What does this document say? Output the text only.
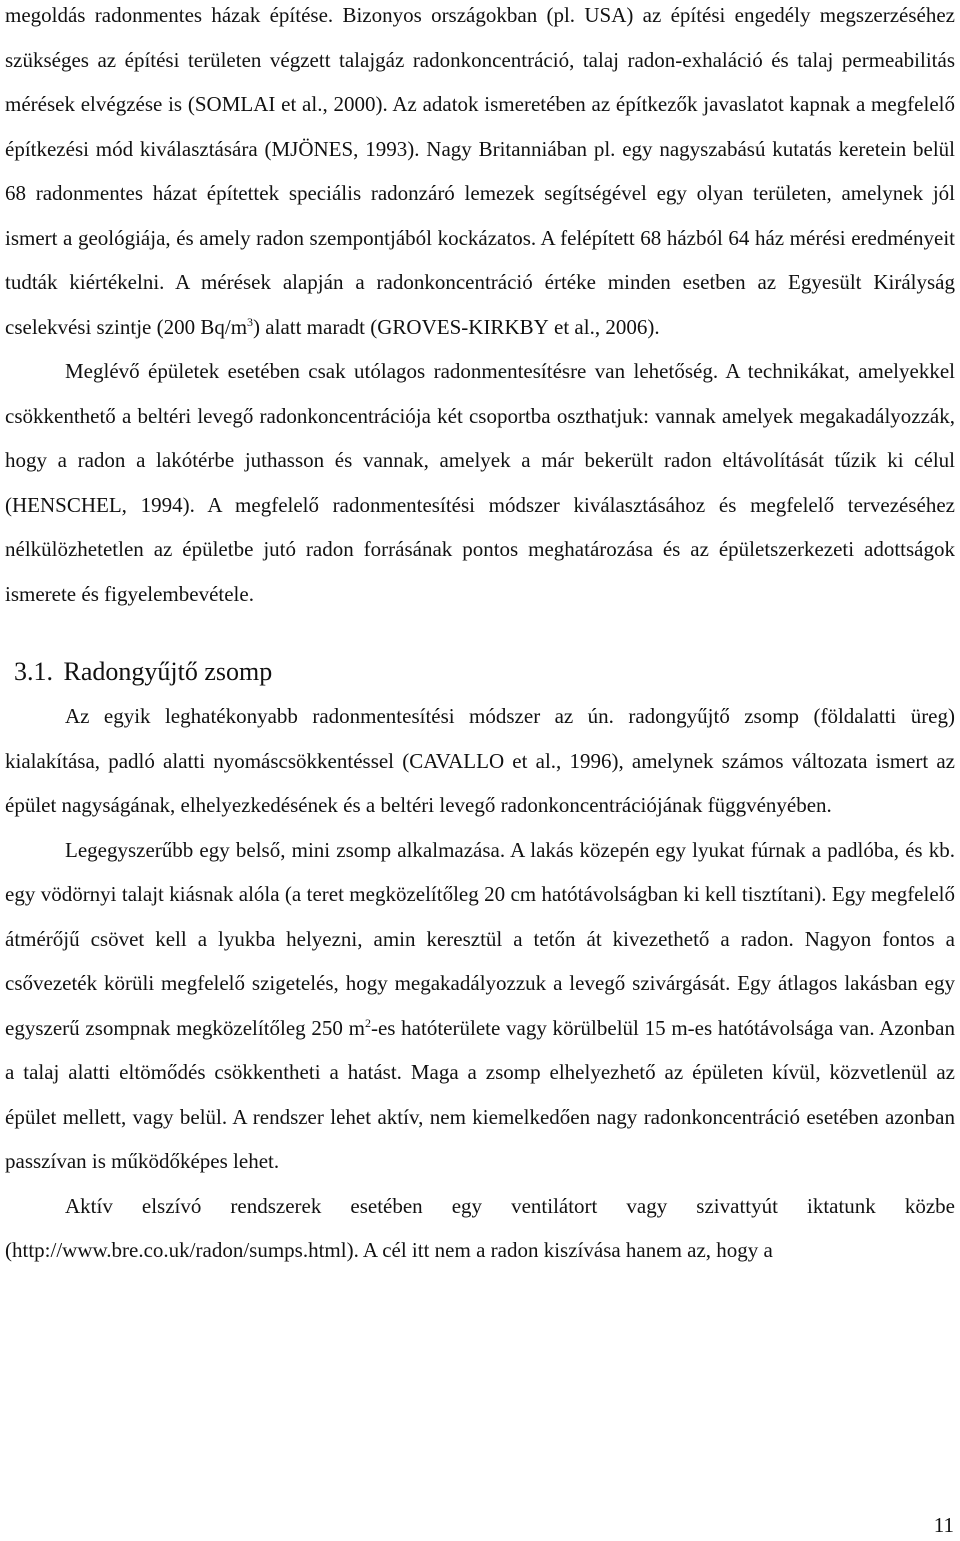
megoldás radonmentes házak építése. Bizonyos országokban (pl. USA) az építési engedély megszerzéséhez szükséges az építési területen végzett talajgáz radonkoncentráció, talaj radon-exhaláció és talaj permeabilitás mérések elvégzése is (SOMLAI et al., 2000). Az adatok ismeretében az építkezők javaslatot kapnak a megfelelő építkezési mód kiválasztására (MJÖNES, 1993). Nagy Britanniában pl. egy nagyszabású kutatás keretein belül 68 radonmentes házat építettek speciális radonzáró lemezek segítségével egy olyan területen, amelynek jól ismert a geológiája, és amely radon szempontjából kockázatos. A felépített 68 házból 64 ház mérési eredményeit tudták kiértékelni. A mérések alapján a radonkoncentráció értéke minden esetben az Egyesült Királyság cselekvési szintje (200 $Bq/m^3$) alatt maradt (GROVES-KIRKBY et al., 2006).

Meglévő épületek esetében csak utólagos radonmentesítésre van lehetőség. A technikákat, amelyekkel csökkenthető a beltéri levegő radonkoncentrációja két csoportba oszthatjuk: vannak amelyek megakadályozzák, hogy a radon a lakótérbe juthasson és vannak, amelyek a már bekerült radon eltávolítását tűzik ki célul (HENSCHEL, 1994). A megfelelő radonmentesítési módszer kiválasztásához és megfelelő tervezéséhez nélkülözhetetlen az épületbe jutó radon forrásának pontos meghatározása és az épületszerkezeti adottságok ismerete és figyelembevétele.

3.1. Radongyűjtő zsomp

Az egyik leghatékonyabb radonmentesítési módszer az ún. radongyűjtő zsomp (földalatti üreg) kialakítása, padló alatti nyomáscsökkentéssel (CAVALLO et al., 1996), amelynek számos változata ismert az épület nagyságának, elhelyezkedésének és a beltéri levegő radonkoncentrációjának függvényében.

Legegyszerűbb egy belső, mini zsomp alkalmazása. A lakás közepén egy lyukat fúrnak a padlóba, és kb. egy vödörnyi talajt kiásnak alóla (a teret megközelítőleg 20 cm hatótávolságban ki kell tisztítani). Egy megfelelő átmérőjű csövet kell a lyukba helyezni, amin keresztül a tetőn át kivezethető a radon. Nagyon fontos a csővezeték körüli megfelelő szigetelés, hogy megakadályozzuk a levegő szivárgását. Egy átlagos lakásban egy egyszerű zsompnak megközelítőleg 250 $m^2-es$ hatóterülete vagy körülbelül 15 m-es hatótávolsága van. Azonban a talaj alatti eltömődés csökkentheti a hatást. Maga a zsomp elhelyezhető az épületen kívül, közvetlenül az épület mellett, vagy belül. A rendszer lehet aktív, nem kiemelkedően nagy radonkoncentráció esetében azonban passzívan is működőképes lehet.

Aktív elszívó rendszerek esetében egy ventilátort vagy szivattyút iktatunk közbe (http://www.bre.co.uk/radon/sumps.html). A cél itt nem a radon kiszívása hanem az, hogy a

11
